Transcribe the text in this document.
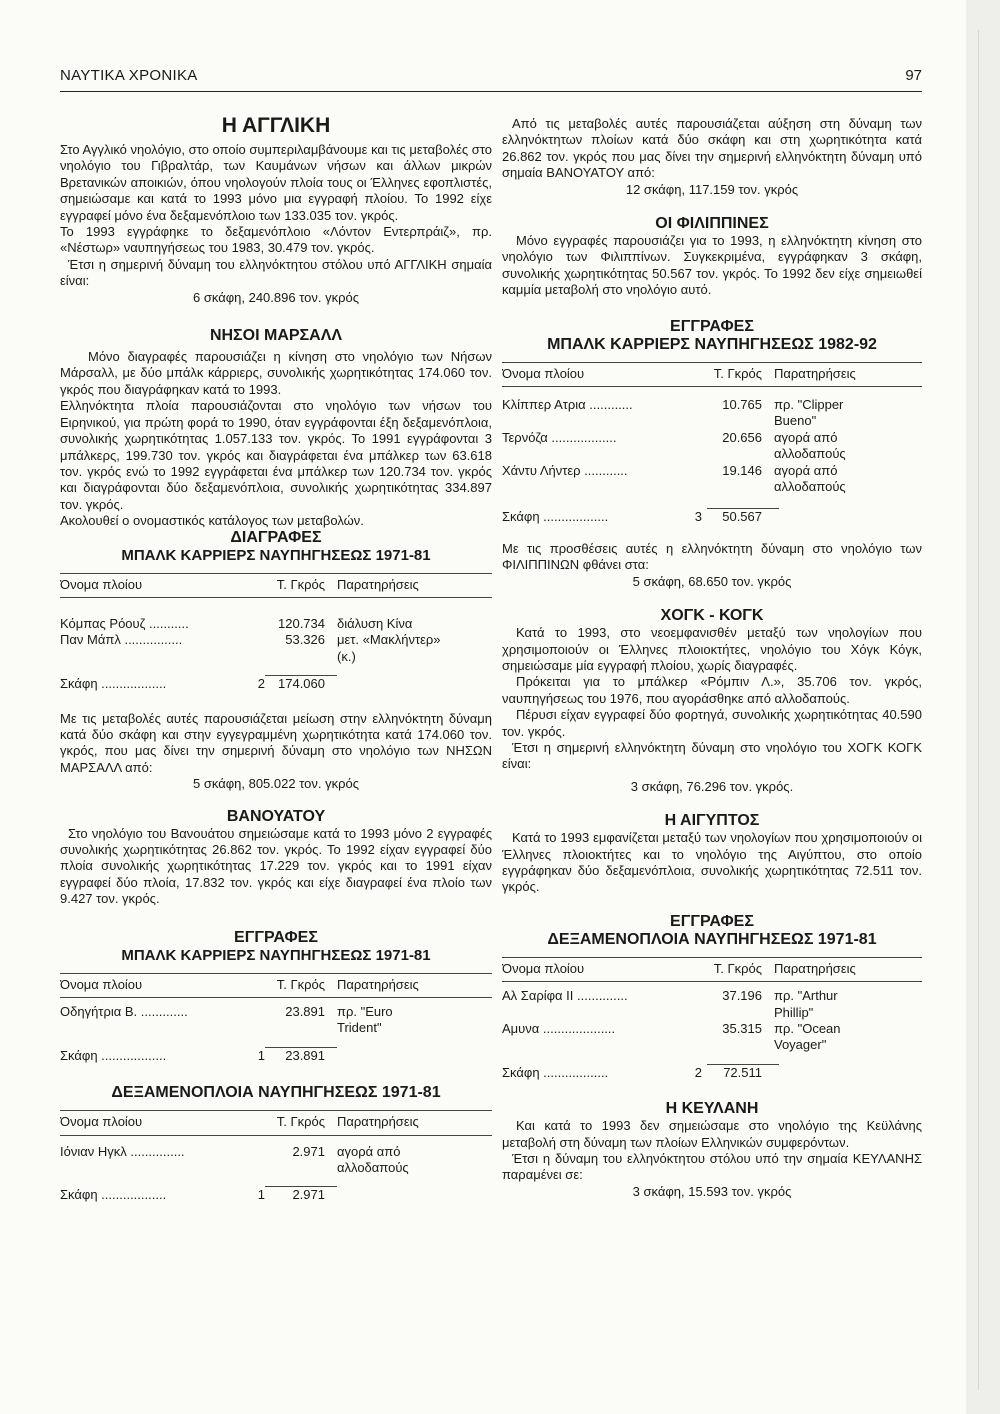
ΝΑΥΤΙΚΑ ΧΡΟΝΙΚΑ	97
Η ΑΓΓΛΙΚΗ

Στο Αγγλικό νηολόγιο, στο οποίο συμπεριλαμβάνουμε και τις μεταβολές στο νηολόγιο του Γιβραλτάρ, των Καυμάνων νήσων και άλλων μικρών Βρετανικών αποικιών, όπου νηολογούν πλοία τους οι Έλληνες εφοπλιστές, σημειώσαμε και κατά το 1993 μόνο μια εγγραφή πλοίου. Το 1992 είχε εγγραφεί μόνο ένα δεξαμενόπλοιο των 133.035 τον. γκρός.

Το 1993 εγγράφηκε το δεξαμενόπλοιο «Λόντον Εντερπράιζ», πρ. «Νέστωρ» ναυπηγήσεως του 1983, 30.479 τον. γκρός.

Έτσι η σημερινή δύναμη του ελληνόκτητου στόλου υπό ΑΓΓΛΙΚΗ σημαία είναι:

6 σκάφη, 240.896 τον. γκρός

ΝΗΣΟΙ ΜΑΡΣΑΛΛ

Μόνο διαγραφές παρουσιάζει η κίνηση στο νηολόγιο των Νήσων Μάρσαλλ, με δύο μπάλκ κάρριερς, συνολικής χωρητικότητας 174.060 τον. γκρός που διαγράφηκαν κατά το 1993.

Ελληνόκτητα πλοία παρουσιάζονται στο νηολόγιο των νήσων του Ειρηνικού, για πρώτη φορά το 1990, όταν εγγράφονται έξη δεξαμενόπλοια, συνολικής χωρητικότητας 1.057.133 τον. γκρός. Το 1991 εγγράφονται 3 μπάλκερς, 199.730 τον. γκρός και διαγράφεται ένα μπάλκερ των 63.618 τον. γκρός ενώ το 1992 εγγράφεται ένα μπάλκερ των 120.734 τον. γκρός και διαγράφονται δύο δεξαμενόπλοια, συνολικής χωρητικότητας 334.897 τον. γκρός.

Ακολουθεί ο ονομαστικός κατάλογος των μεταβολών.

ΔΙΑΓΡΑΦΕΣ
ΜΠΑΛΚ ΚΑΡΡΙΕΡΣ ΝΑΥΠΗΓΗΣΕΩΣ 1971-81
Όνομα πλοίου	Τ. Γκρός Παρατηρήσεις
Κόμπας Ρόουζ ...........	120.734 διάλυση Κίνα
Παν Μάπλ ................	53.326 μετ. «Μακλήντερ»
(κ.)
Σκάφη ..................	2	174.060

Με τις μεταβολές αυτές παρουσιάζεται μείωση στην ελληνόκτητη δύναμη κατά δύο σκάφη και στην εγγεγραμμένη χωρητικότητα κατά 174.060 τον. γκρός, που μας δίνει την σημερινή δύναμη στο νηολόγιο των ΝΗΣΩΝ ΜΑΡΣΑΛΛ από:

5 σκάφη, 805.022 τον. γκρός

ΒΑΝΟΥΑΤΟΥ

Στο νηολόγιο του Βανουάτου σημειώσαμε κατά το 1993 μόνο 2 εγγραφές συνολικής χωρητικότητας 26.862 τον. γκρός. Το 1992 είχαν εγγραφεί δύο πλοία συνολικής χωρητικότητας 17.229 τον. γκρός και το 1991 είχαν εγγραφεί δύο πλοία, 17.832 τον. γκρός και είχε διαγραφεί ένα πλοίο των 9.427 τον. γκρός.

ΕΓΓΡΑΦΕΣ
ΜΠΑΛΚ ΚΑΡΡΙΕΡΣ ΝΑΥΠΗΓΗΣΕΩΣ 1971-81
Όνομα πλοίου	Τ. Γκρός Παρατηρήσεις
Οδηγήτρια Β. .............	23.891 πρ. "Euro
Trident"
Σκάφη ..................	1	23.891
ΔΕΞΑΜΕΝΟΠΛΟΙΑ ΝΑΥΠΗΓΗΣΕΩΣ 1971-81
Όνομα πλοίου	Τ. Γκρός Παρατηρήσεις
Ιόνιαν Ηγκλ ...............	2.971 αγορά από
αλλοδαπούς
Σκάφη ..................	1	2.971

Από τις μεταβολές αυτές παρουσιάζεται αύξηση στη δύναμη των ελληνόκτητων πλοίων κατά δύο σκάφη και στη χωρητικότητα κατά 26.862 τον. γκρός που μας δίνει την σημερινή ελληνόκτητη δύναμη υπό σημαία ΒΑΝΟΥΑΤΟΥ από:

12 σκάφη, 117.159 τον. γκρός

ΟΙ ΦΙΛΙΠΠΙΝΕΣ

Μόνο εγγραφές παρουσιάζει για το 1993, η ελληνόκτητη κίνηση στο νηολόγιο των Φιλιππίνων. Συγκεκριμένα, εγγράφηκαν 3 σκάφη, συνολικής χωρητικότητας 50.567 τον. γκρός. Το 1992 δεν είχε σημειωθεί καμμία μεταβολή στο νηολόγιο αυτό.

ΕΓΓΡΑΦΕΣ
ΜΠΑΛΚ ΚΑΡΡΙΕΡΣ ΝΑΥΠΗΓΗΣΕΩΣ 1982-92
Όνομα πλοίου	Τ. Γκρός Παρατηρήσεις
Κλίππερ Ατρια ............	10.765 πρ. "Clipper
Bueno"
Τερνόζα ..................	20.656 αγορά από
αλλοδαπούς
Χάντυ Λήντερ ............	19.146 αγορά από
αλλοδαπούς
Σκάφη ..................	3	50.567

Με τις προσθέσεις αυτές η ελληνόκτητη δύναμη στο νηολόγιο των ΦΙΛΙΠΠΙΝΩΝ φθάνει στα:

5 σκάφη, 68.650 τον. γκρός

ΧΟΓΚ - ΚΟΓΚ

Κατά το 1993, στο νεοεμφανισθέν μεταξύ των νηολογίων που χρησιμοποιούν οι Έλληνες πλοιοκτήτες, νηολόγιο του Χόγκ Κόγκ, σημειώσαμε μία εγγραφή πλοίου, χωρίς διαγραφές.

Πρόκειται για το μπάλκερ «Ρόμπιν Λ.», 35.706 τον. γκρός, ναυπηγήσεως του 1976, που αγοράσθηκε από αλλοδαπούς.

Πέρυσι είχαν εγγραφεί δύο φορτηγά, συνολικής χωρητικότητας 40.590 τον. γκρός.

Έτσι η σημερινή ελληνόκτητη δύναμη στο νηολόγιο του ΧΟΓΚ ΚΟΓΚ είναι:

3 σκάφη, 76.296 τον. γκρός.

Η ΑΙΓΥΠΤΟΣ

Κατά το 1993 εμφανίζεται μεταξύ των νηολογίων που χρησιμοποιούν οι Έλληνες πλοιοκτήτες και το νηολόγιο της Αιγύπτου, στο οποίο εγγράφηκαν δύο δεξαμενόπλοια, συνολικής χωρητικότητας 72.511 τον. γκρός.

ΕΓΓΡΑΦΕΣ
ΔΕΞΑΜΕΝΟΠΛΟΙΑ ΝΑΥΠΗΓΗΣΕΩΣ 1971-81
Όνομα πλοίου	Τ. Γκρός Παρατηρήσεις
Αλ Σαρίφα ΙΙ ..............	37.196 πρ. "Arthur
Phillip"
Αμυνα ....................	35.315 πρ. "Ocean
Voyager"
Σκάφη ..................	2	72.511
Η ΚΕΥΛΑΝΗ

Και κατά το 1993 δεν σημειώσαμε στο νηολόγιο της Κεϋλάνης μεταβολή στη δύναμη των πλοίων Ελληνικών συμφερόντων.

Έτσι η δύναμη του ελληνόκτητου στόλου υπό την σημαία ΚΕΥΛΑΝΗΣ παραμένει σε:

3 σκάφη, 15.593 τον. γκρός
